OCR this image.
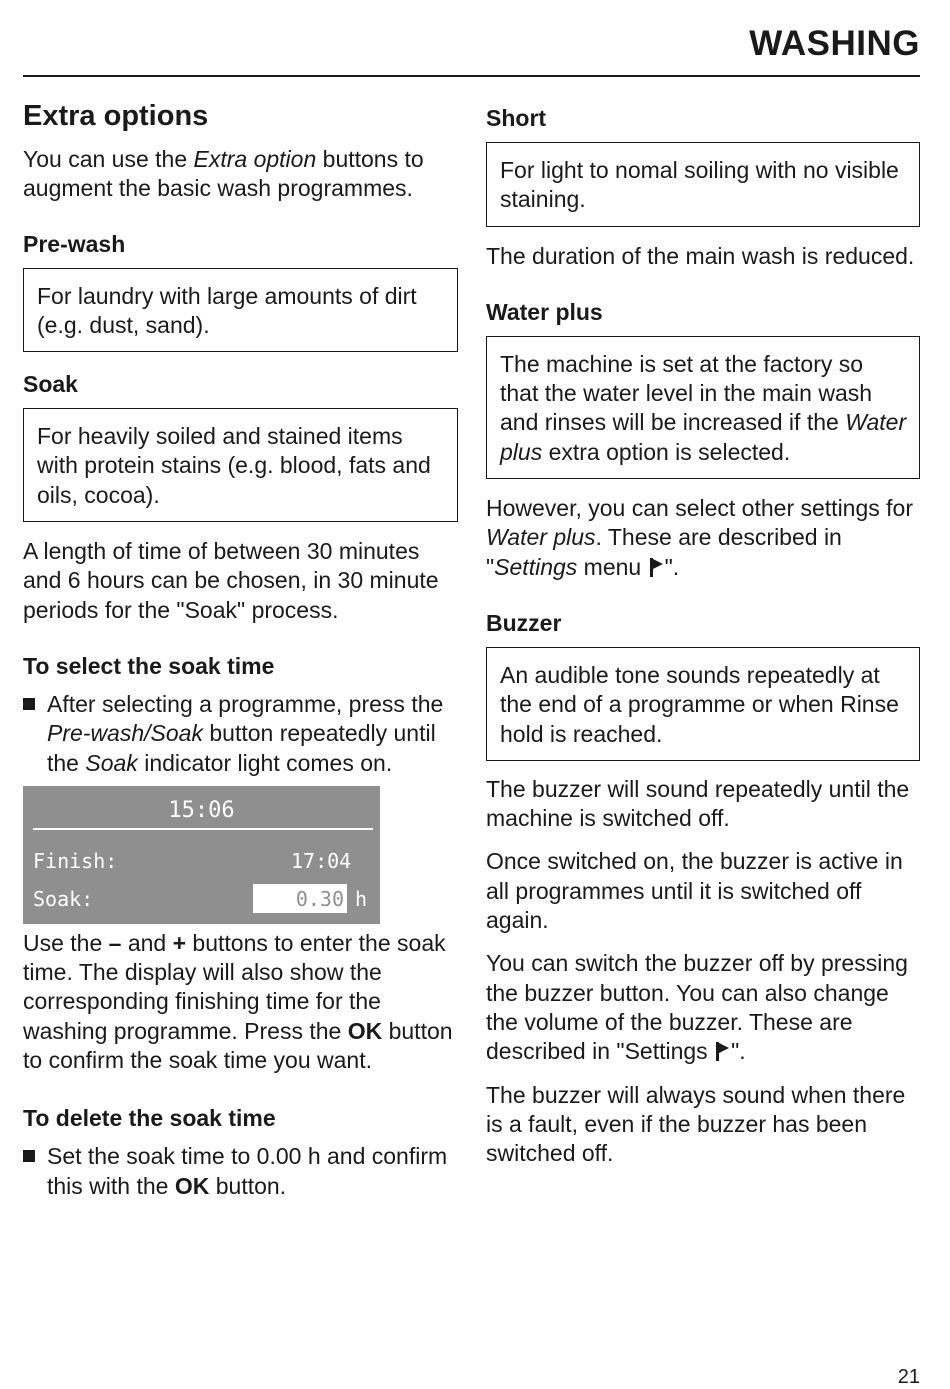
WASHING
Extra options

You can use the Extra option buttons to augment the basic wash programmes.

Pre-wash
For laundry with large amounts of dirt (e.g. dust, sand).
Soak
For heavily soiled and stained items with protein stains (e.g. blood, fats and oils, cocoa).

A length of time of between 30 minutes and 6 hours can be chosen, in 30 minute periods for the "Soak" process.

To select the soak time
After selecting a programme, press the Pre-wash/Soak button repeatedly until the Soak indicator light comes on.
15:06
Finish:	17:04
Soak:	0.30 h

Use the – and + buttons to enter the soak time. The display will also show the corresponding finishing time for the washing programme. Press the OK button to confirm the soak time you want.

To delete the soak time
Set the soak time to 0.00 h and confirm this with the OK button.
Short
For light to nomal soiling with no visible staining.

The duration of the main wash is reduced.

Water plus
The machine is set at the factory so that the water level in the main wash and rinses will be increased if the Water plus extra option is selected.

However, you can select other settings for Water plus. These are described in "Settings menu
".

Buzzer
An audible tone sounds repeatedly at the end of a programme or when Rinse hold is reached.

The buzzer will sound repeatedly until the machine is switched off.

Once switched on, the buzzer is active in all programmes until it is switched off again.

You can switch the buzzer off by pressing the buzzer button. You can also change the volume of the buzzer. These are described in "Settings
".

The buzzer will always sound when there is a fault, even if the buzzer has been switched off.

21
